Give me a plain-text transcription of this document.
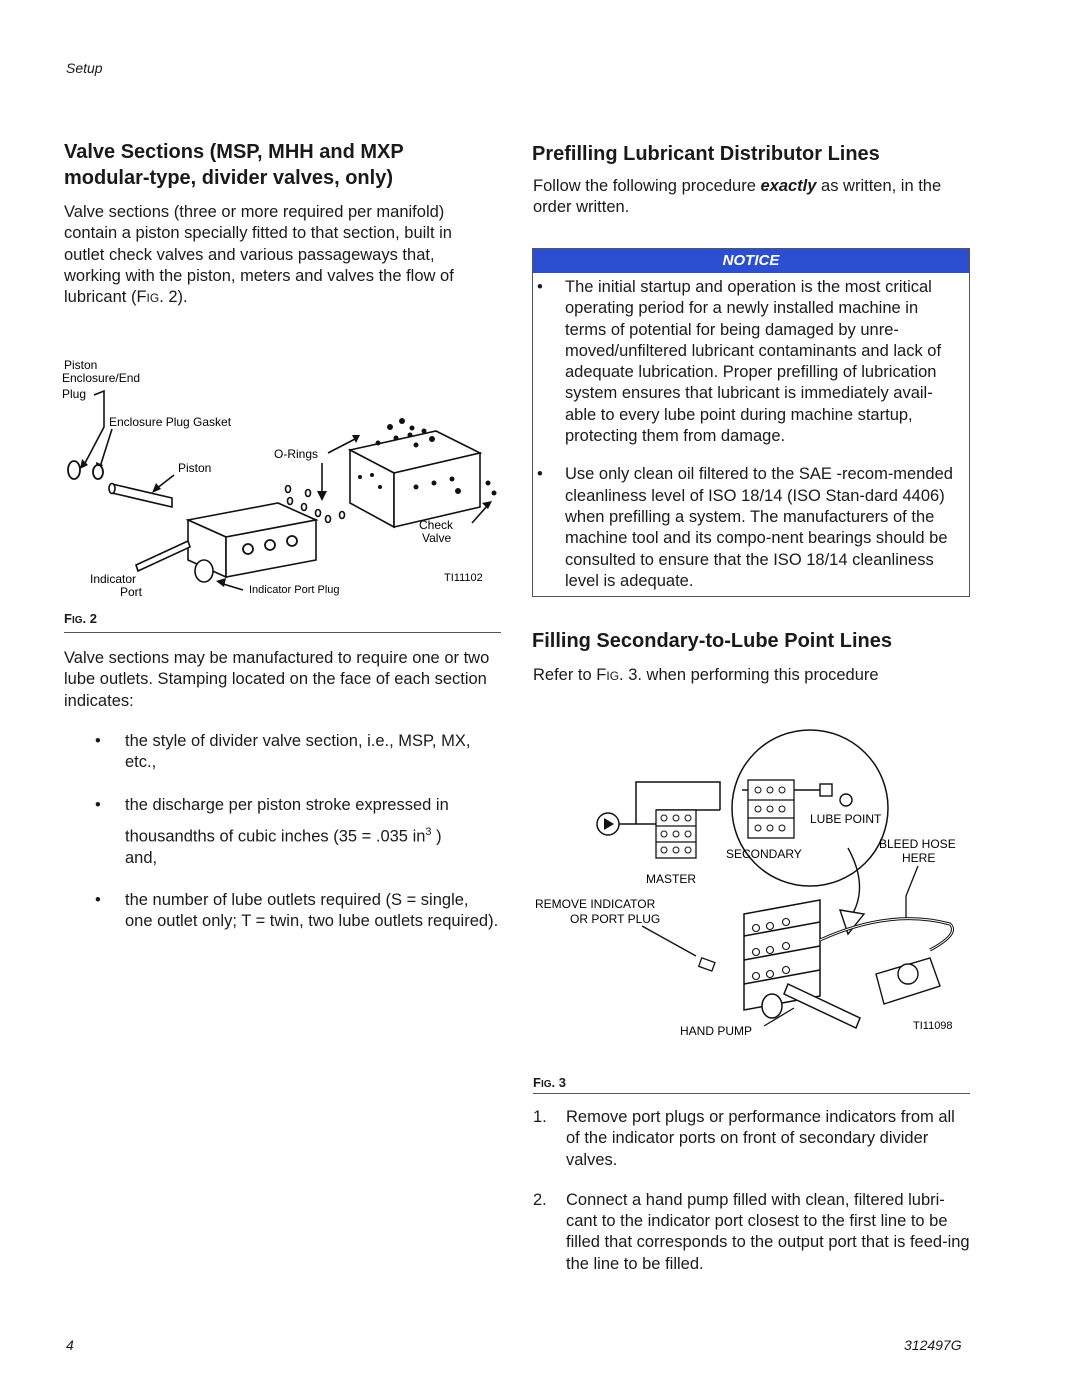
Setup
Valve Sections (MSP, MHH and MXP modular-type, divider valves, only)

Valve sections (three or more required per manifold) contain a piston specially fitted to that section, built in outlet check valves and various passageways that, working with the piston, meters and valves the flow of lubricant (FIG. 2).

Piston
Enclosure/End
Plug
Enclosure Plug Gasket
O-Rings
Piston
Check
Valve
Indicator
Port	Indicator Port Plug
TI11102
FIG. 2

Valve sections may be manufactured to require one or two lube outlets. Stamping located on the face of each section indicates:

•	the style of divider valve section, i.e., MSP, MX, etc.,
•	the discharge per piston stroke expressed in
thousandths of cubic inches (35 = .035 $in^3$ )
and,
•	the number of lube outlets required (S = single, one outlet only; T = twin, two lube outlets required).
Prefilling Lubricant Distributor Lines

Follow the following procedure exactly as written, in the order written.

NOTICE
•	The initial startup and operation is the most critical operating period for a newly installed machine in terms of potential for being damaged by unre-moved/unfiltered lubricant contaminants and lack of adequate lubrication. Proper prefilling of lubrication system ensures that lubricant is immediately avail-able to every lube point during machine startup, protecting them from damage.
•	Use only clean oil filtered to the SAE -recom-mended cleanliness level of ISO 18/14 (ISO Stan-dard 4406) when prefilling a system. The manufacturers of the machine tool and its compo-nent bearings should be consulted to ensure that the ISO 18/14 cleanliness level is adequate.
Filling Secondary-to-Lube Point Lines

Refer to FIG. 3. when performing this procedure

LUBE POINT
SECONDARY
BLEED HOSE
HERE
MASTER
REMOVE INDICATOR
OR PORT PLUG
HAND PUMP	TI11098
FIG. 3
1.	Remove port plugs or performance indicators from all of the indicator ports on front of secondary divider valves.
2.	Connect a hand pump filled with clean, filtered lubri-cant to the indicator port closest to the first line to be filled that corresponds to the output port that is feed-ing the line to be filled.
4	312497G
